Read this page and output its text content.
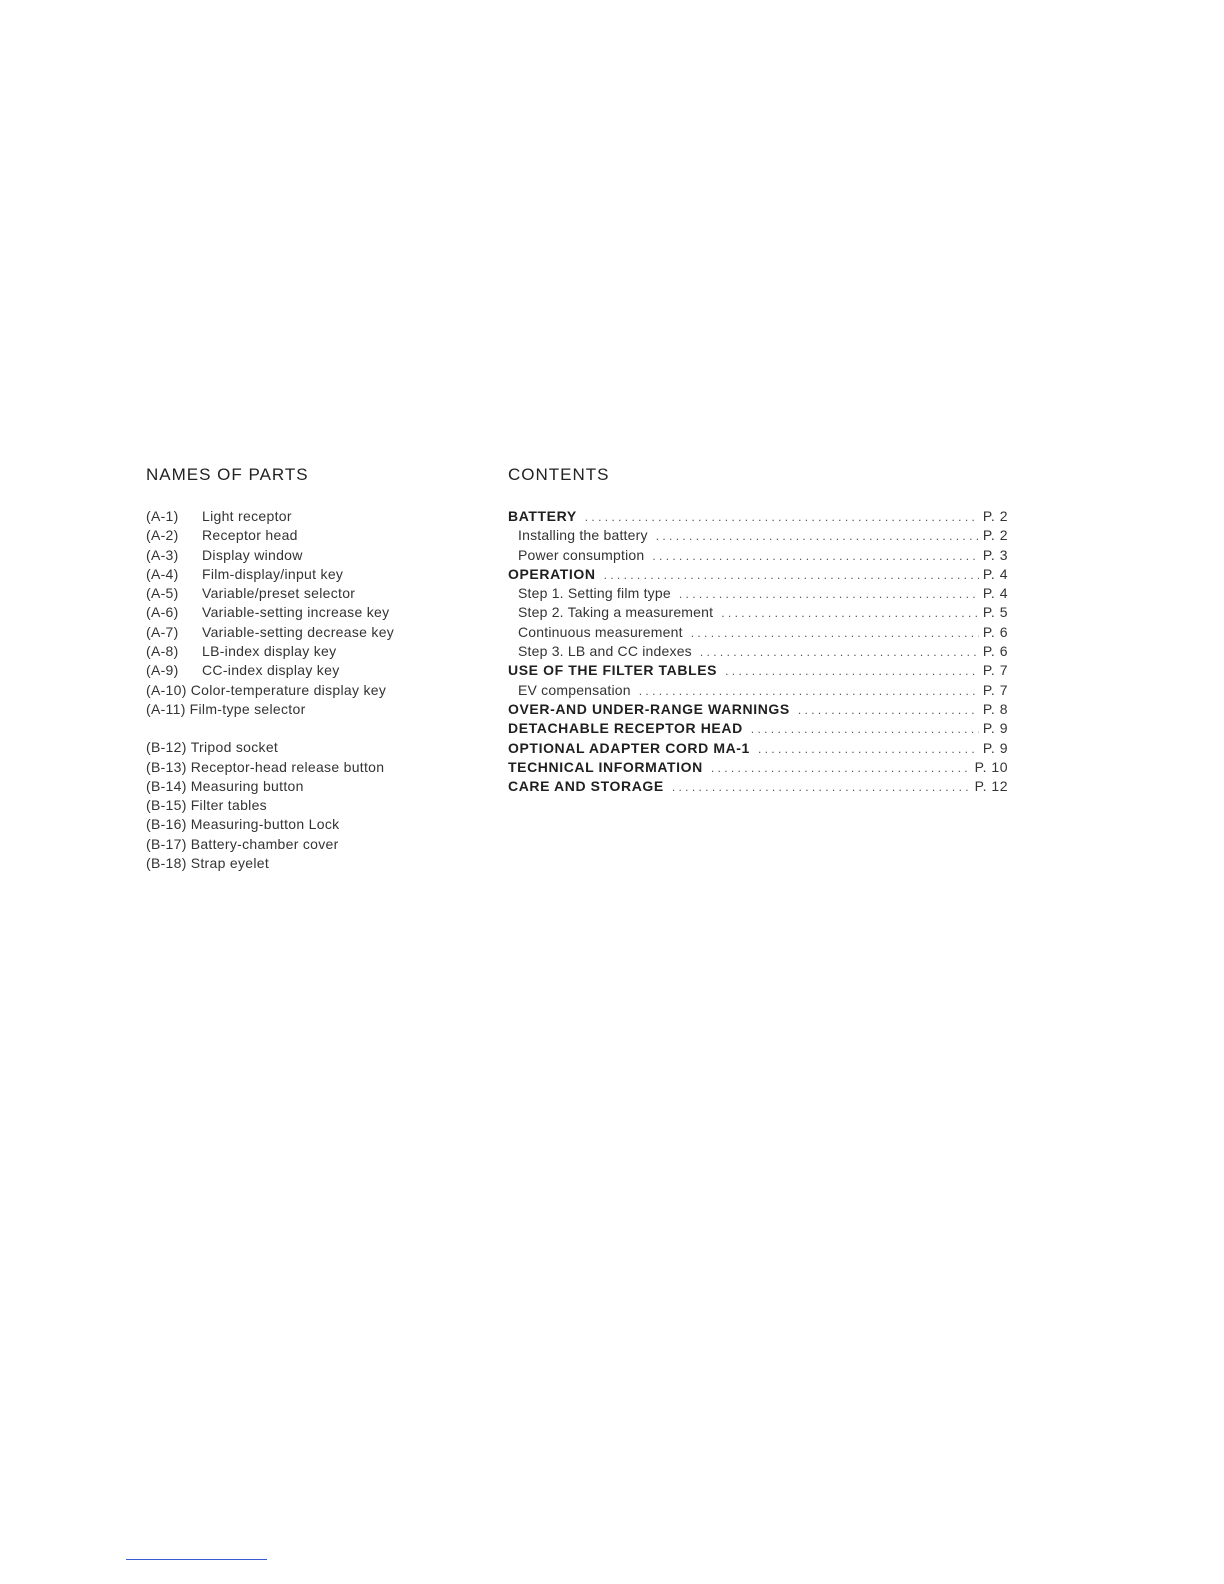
NAMES OF PARTS
(A-1) Light receptor
(A-2) Receptor head
(A-3) Display window
(A-4) Film-display/input key
(A-5) Variable/preset selector
(A-6) Variable-setting increase key
(A-7) Variable-setting decrease key
(A-8) LB-index display key
(A-9) CC-index display key
(A-10) Color-temperature display key
(A-11) Film-type selector
(B-12) Tripod socket
(B-13) Receptor-head release button
(B-14) Measuring button
(B-15) Filter tables
(B-16) Measuring-button Lock
(B-17) Battery-chamber cover
(B-18) Strap eyelet
CONTENTS
BATTERY . . .	P. 2
Installing the battery . . .	P. 2
Power consumption . . .	P. 3
OPERATION . . .	P. 4
Step 1. Setting film type . . .	P. 4
Step 2. Taking a measurement . . .	P. 5
Continuous measurement . . .	P. 6
Step 3. LB and CC indexes . . .	P. 6
USE OF THE FILTER TABLES . . .	P. 7
EV compensation . . .	P. 7
OVER-AND UNDER-RANGE WARNINGS . . .	P. 8
DETACHABLE RECEPTOR HEAD . . .	P. 9
OPTIONAL ADAPTER CORD MA-1 . . .	P. 9
TECHNICAL INFORMATION . . .	P. 10
CARE AND STORAGE . . .	P. 12
